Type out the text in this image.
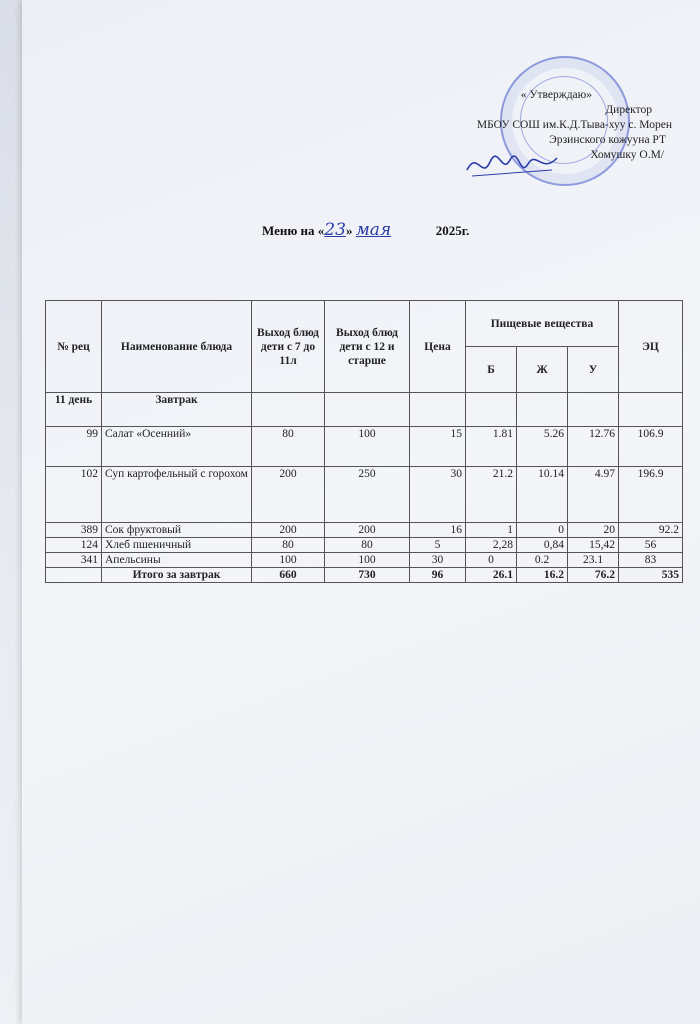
« Утверждаю»
Директор
МБОУ СОШ им.К.Д.Тыва-хуу с. Морен
Эрзинского кожууна РТ
Хомушку О.М/
Меню на «23» мая	2025г.
№ рец	Наименование блюда	Выход блюд дети с 7 до 11л	Выход блюд дети с 12 и старше	Цена	Пищевые вещества			ЭЦ
					Б	Ж	У	
11 день	Завтрак							
99	Салат «Осенний»	80	100	15	1.81	5.26	12.76	106.9
102	Суп картофельный с горохом	200	250	30	21.2	10.14	4.97	196.9
389	Сок фруктовый	200	200	16	1	0	20	92.2
124	Хлеб пшеничный	80	80	5	2,28	0,84	15,42	56
341	Апельсины	100	100	30	0	0.2	23.1	83
	Итого за завтрак	660	730	96	26.1	16.2	76.2	535
